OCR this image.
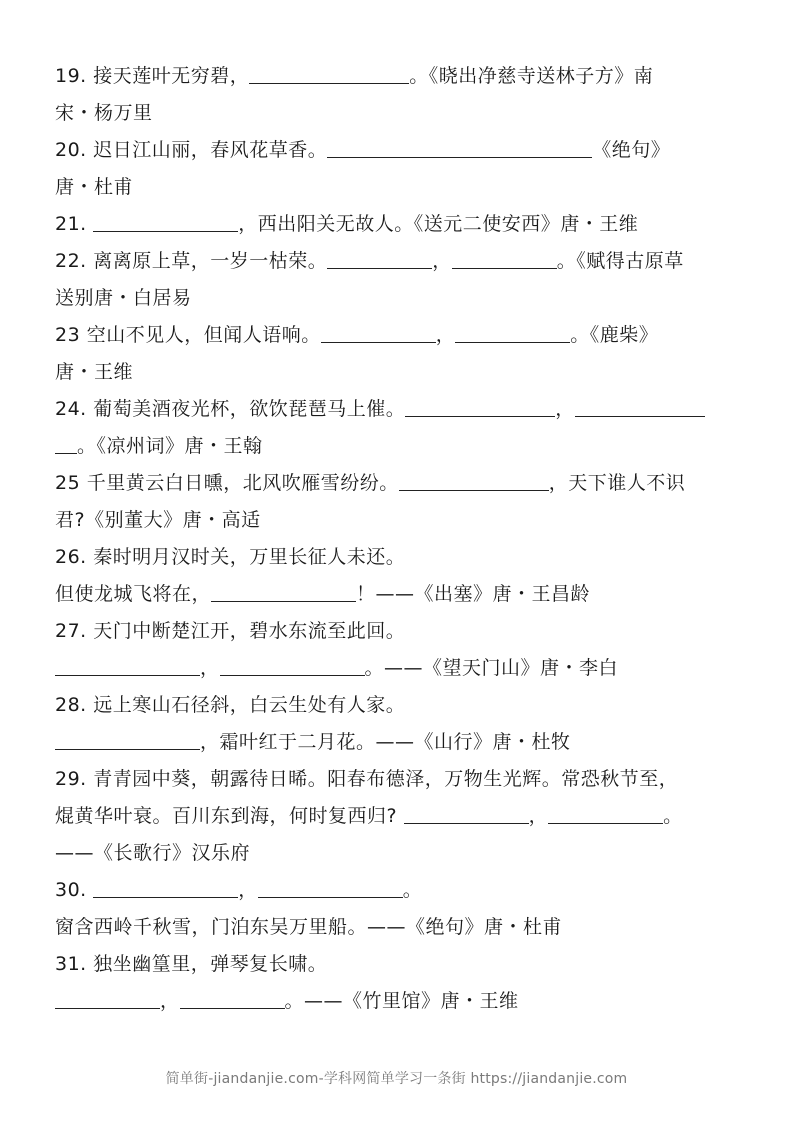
19. 接天莲叶无穷碧，	。《晓出净慈寺送林子方》南
宋・杨万里
20. 迟日江山丽，春风花草香。	《绝句》
唐・杜甫
21.	，西出阳关无故人。《送元二使安西》唐・王维
22. 离离原上草，一岁一枯荣。	，	。《赋得古原草
送别唐・白居易
23 空山不见人，但闻人语响。	，	。《鹿柴》
唐・王维
24. 葡萄美酒夜光杯，欲饮琵琶马上催。	，
。《凉州词》唐・王翰
25 千里黄云白日曛，北风吹雁雪纷纷。	，天下谁人不识
君?《别董大》唐・高适
26. 秦时明月汉时关，万里长征人未还。
但使龙城飞将在，	！——《出塞》唐・王昌龄
27. 天门中断楚江开，碧水东流至此回。
，	。——《望天门山》唐・李白
28. 远上寒山石径斜，白云生处有人家。
，霜叶红于二月花。——《山行》唐・杜牧
29. 青青园中葵，朝露待日晞。阳春布德泽，万物生光辉。常恐秋节至，
焜黄华叶衰。百川东到海，何时复西归?	，	。
——《长歌行》汉乐府
30.	，	。
窗含西岭千秋雪，门泊东吴万里船。——《绝句》唐・杜甫
31. 独坐幽篁里，弹琴复长啸。
，	。——《竹里馆》唐・王维
简单街-jiandanjie.com-学科网简单学习一条街 https://jiandanjie.com
